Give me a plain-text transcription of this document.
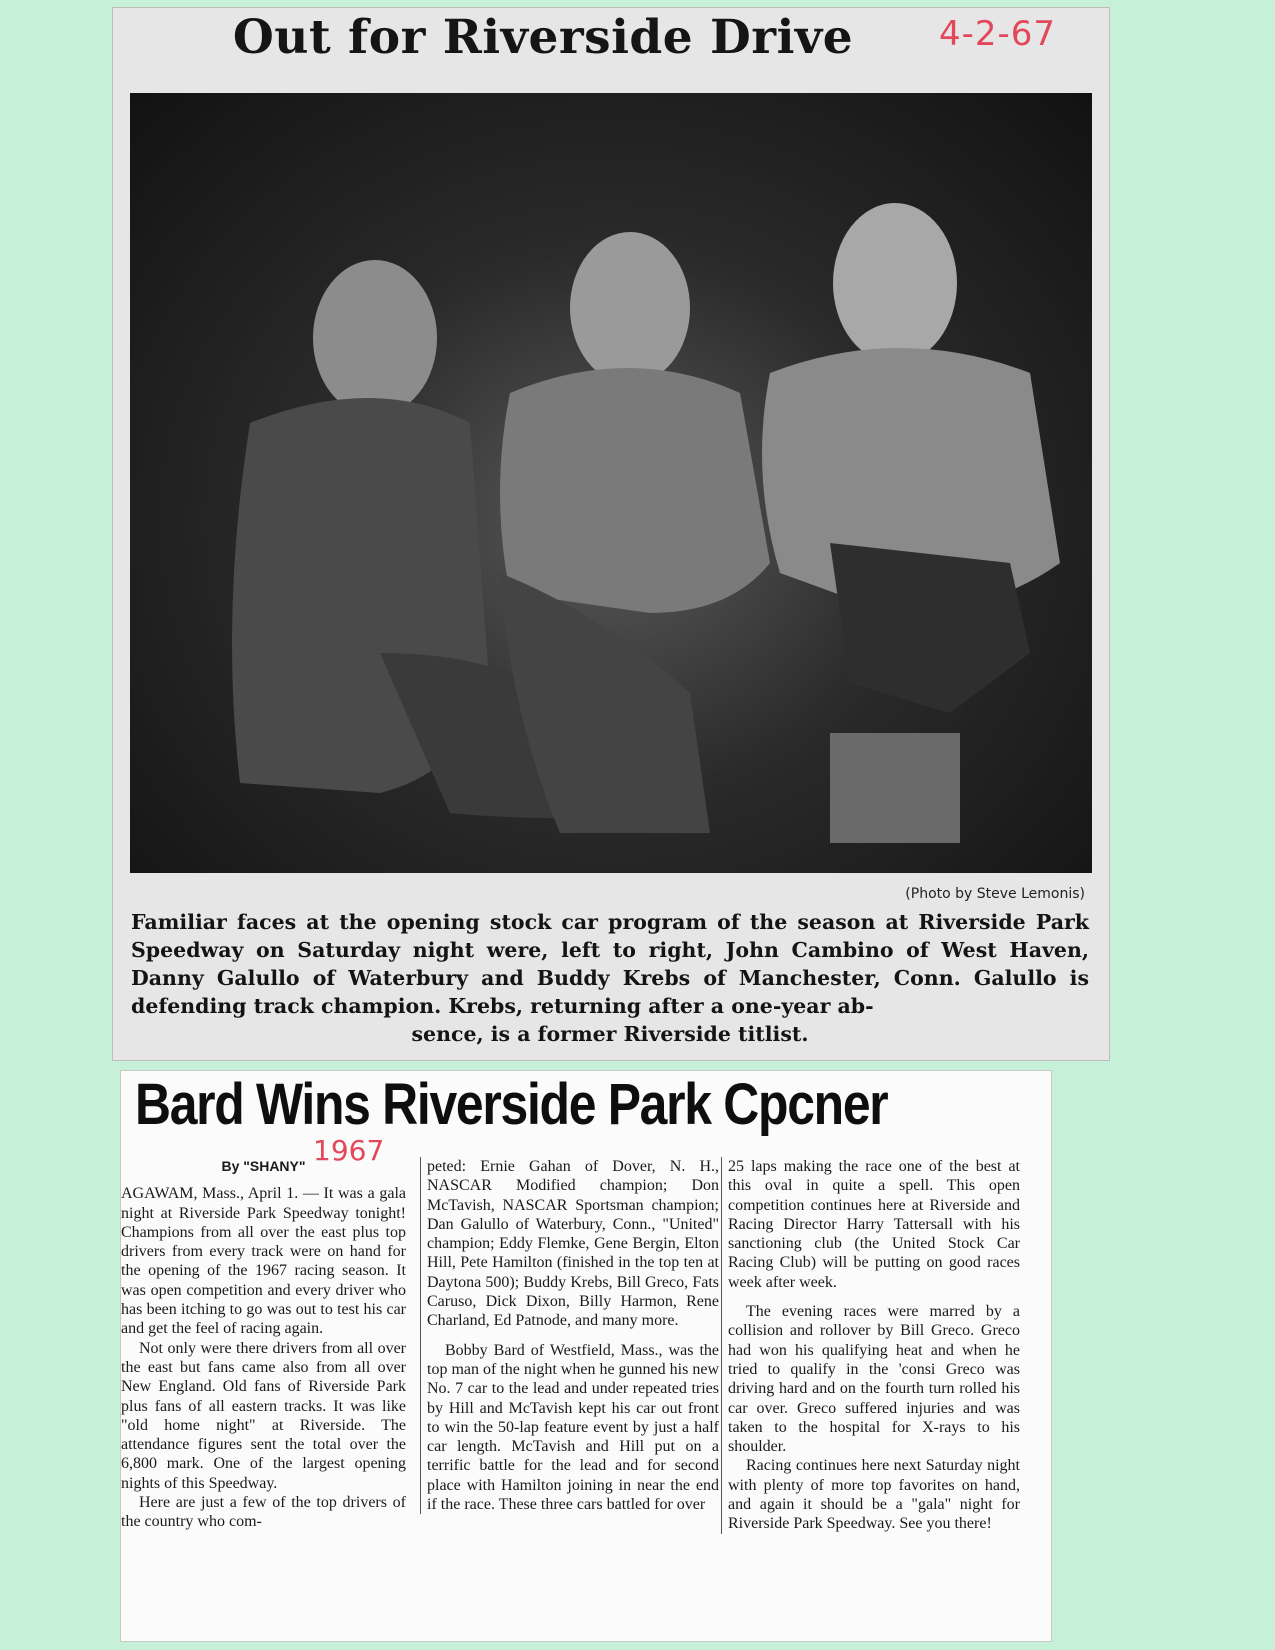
Out for Riverside Drive	4-2-67
(Photo by Steve Lemonis)
Familiar faces at the opening stock car program of the season at Riverside Park Speedway on Saturday night were, left to right, John Cambino of West Haven, Danny Galullo of Waterbury and Buddy Krebs of Manchester, Conn. Galullo is defending track champion. Krebs, returning after a one-year ab-
sence, is a former Riverside titlist.
Bard Wins Riverside Park Cpcner
By "SHANY" 1967

AGAWAM, Mass., April 1. — It was a gala night at Riverside Park Speedway tonight! Champions from all over the east plus top drivers from every track were on hand for the opening of the 1967 racing season. It was open competition and every driver who has been itching to go was out to test his car and get the feel of racing again.

Not only were there drivers from all over the east but fans came also from all over New England. Old fans of Riverside Park plus fans of all eastern tracks. It was like "old home night" at Riverside. The attendance figures sent the total over the 6,800 mark. One of the largest opening nights of this Speedway.

Here are just a few of the top drivers of the country who com-

peted: Ernie Gahan of Dover, N. H., NASCAR Modified champion; Don McTavish, NASCAR Sportsman champion; Dan Galullo of Waterbury, Conn., "United" champion; Eddy Flemke, Gene Bergin, Elton Hill, Pete Hamilton (finished in the top ten at Daytona 500); Buddy Krebs, Bill Greco, Fats Caruso, Dick Dixon, Billy Harmon, Rene Charland, Ed Patnode, and many more.

Bobby Bard of Westfield, Mass., was the top man of the night when he gunned his new No. 7 car to the lead and under repeated tries by Hill and McTavish kept his car out front to win the 50-lap feature event by just a half car length. McTavish and Hill put on a terrific battle for the lead and for second place with Hamilton joining in near the end if the race. These three cars battled for over

25 laps making the race one of the best at this oval in quite a spell. This open competition continues here at Riverside and Racing Director Harry Tattersall with his sanctioning club (the United Stock Car Racing Club) will be putting on good races week after week.

The evening races were marred by a collision and rollover by Bill Greco. Greco had won his qualifying heat and when he tried to qualify in the 'consi Greco was driving hard and on the fourth turn rolled his car over. Greco suffered injuries and was taken to the hospital for X-rays to his shoulder.

Racing continues here next Saturday night with plenty of more top favorites on hand, and again it should be a "gala" night for Riverside Park Speedway. See you there!
